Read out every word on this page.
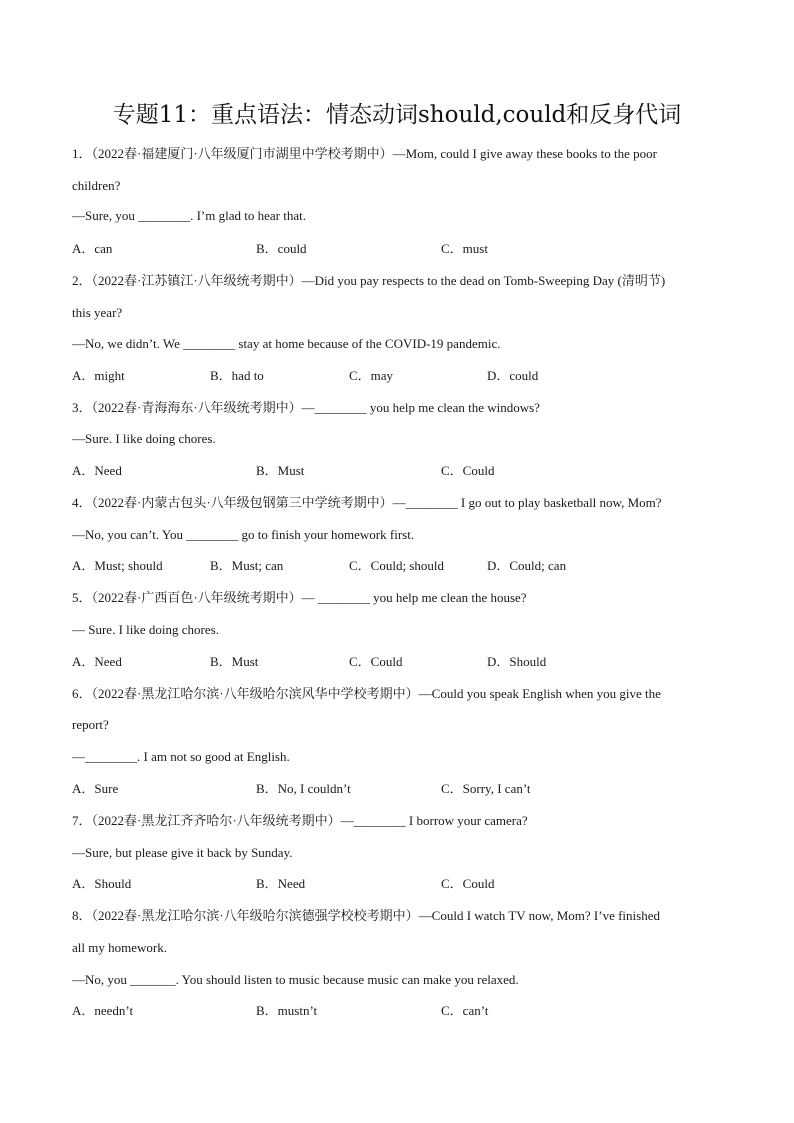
专题11：重点语法：情态动词should,could和反身代词
1．（2022春·福建厦门·八年级厦门市湖里中学校考期中）—Mom, could I give away these books to the poor
children?
—Sure, you ________. I’m glad to hear that.
A．can	B．could	C．must
2．（2022春·江苏镇江·八年级统考期中）—Did you pay respects to the dead on Tomb-Sweeping Day (清明节)
this year?
—No, we didn’t. We ________ stay at home because of the COVID-19 pandemic.
A．might	B．had to	C．may	D．could
3．（2022春·青海海东·八年级统考期中）—________ you help me clean the windows?
—Sure. I like doing chores.
A．Need	B．Must	C．Could
4．（2022春·内蒙古包头·八年级包钢第三中学统考期中）—________ I go out to play basketball now, Mom?
—No, you can’t. You ________ go to finish your homework first.
A．Must; should	B．Must; can	C．Could; should	D．Could; can
5．（2022春·广西百色·八年级统考期中）— ________ you help me clean the house?
— Sure. I like doing chores.
A．Need	B．Must	C．Could	D．Should
6．（2022春·黑龙江哈尔滨·八年级哈尔滨风华中学校考期中）—Could you speak English when you give the
report?
—________. I am not so good at English.
A．Sure	B．No, I couldn’t	C．Sorry, I can’t
7．（2022春·黑龙江齐齐哈尔·八年级统考期中）—________ I borrow your camera?
—Sure, but please give it back by Sunday.
A．Should	B．Need	C．Could
8．（2022春·黑龙江哈尔滨·八年级哈尔滨德强学校校考期中）—Could I watch TV now, Mom? I’ve finished
all my homework.
—No, you _______. You should listen to music because music can make you relaxed.
A．needn’t	B．mustn’t	C．can’t
